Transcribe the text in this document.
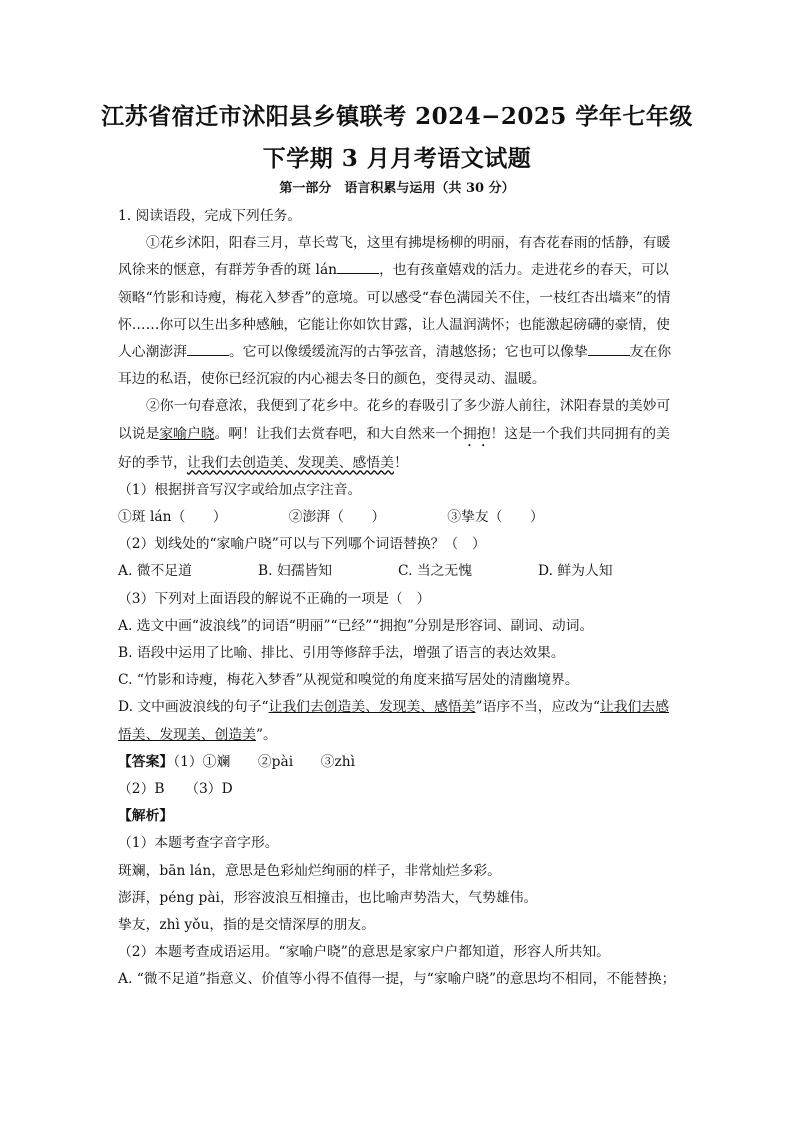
江苏省宿迁市沭阳县乡镇联考 2024−2025 学年七年级
下学期 3 月月考语文试题
第一部分　语言积累与运用（共 30 分）

1. 阅读语段，完成下列任务。

①花乡沭阳，阳春三月，草长莺飞，这里有拂堤杨柳的明丽，有杏花春雨的恬静，有暖风徐来的惬意，有群芳争香的斑 lán	，也有孩童嬉戏的活力。走进花乡的春天，可以领略“竹影和诗瘦，梅花入梦香”的意境。可以感受“春色满园关不住，一枝红杏出墙来”的情怀……你可以生出多种感触，它能让你如饮甘露，让人温润满怀；也能激起磅礴的豪情，使人心潮澎湃	。它可以像缓缓流泻的古筝弦音，清越悠扬；它也可以像挚	友在你耳边的私语，使你已经沉寂的内心褪去冬日的颜色，变得灵动、温暖。

②你一句春意浓，我便到了花乡中。花乡的春吸引了多少游人前往，沭阳春景的美妙可以说是家喻户晓。啊！让我们去赏春吧，和大自然来一个拥抱！这是一个我们共同拥有的美好的季节，让我们去创造美、发现美、感悟美！

（1）根据拼音写汉字或给加点字注音。

①斑 lán（　　）	②澎湃（　　）	③挚友（　　）

（2）划线处的“家喻户晓”可以与下列哪个词语替换？（　）

A. 微不足道	B. 妇孺皆知	C. 当之无愧	D. 鲜为人知

（3）下列对上面语段的解说不正确的一项是（　）

A. 选文中画“波浪线”的词语“明丽”“已经”“拥抱”分别是形容词、副词、动词。

B. 语段中运用了比喻、排比、引用等修辞手法，增强了语言的表达效果。

C. “竹影和诗瘦，梅花入梦香”从视觉和嗅觉的角度来描写居处的清幽境界。

D. 文中画波浪线的句子“让我们去创造美、发现美、感悟美”语序不当，应改为“让我们去感悟美、发现美、创造美”。

【答案】（1）①斓　　②pài　　③zhì

（2）B　　（3）D

【解析】

（1）本题考查字音字形。

斑斓，bān lán，意思是色彩灿烂绚丽的样子，非常灿烂多彩。

澎湃，péng pài，形容波浪互相撞击，也比喻声势浩大，气势雄伟。

挚友，zhì yǒu，指的是交情深厚的朋友。

（2）本题考查成语运用。“家喻户晓”的意思是家家户户都知道，形容人所共知。

A. “微不足道”指意义、价值等小得不值得一提，与“家喻户晓”的意思均不相同，不能替换；
